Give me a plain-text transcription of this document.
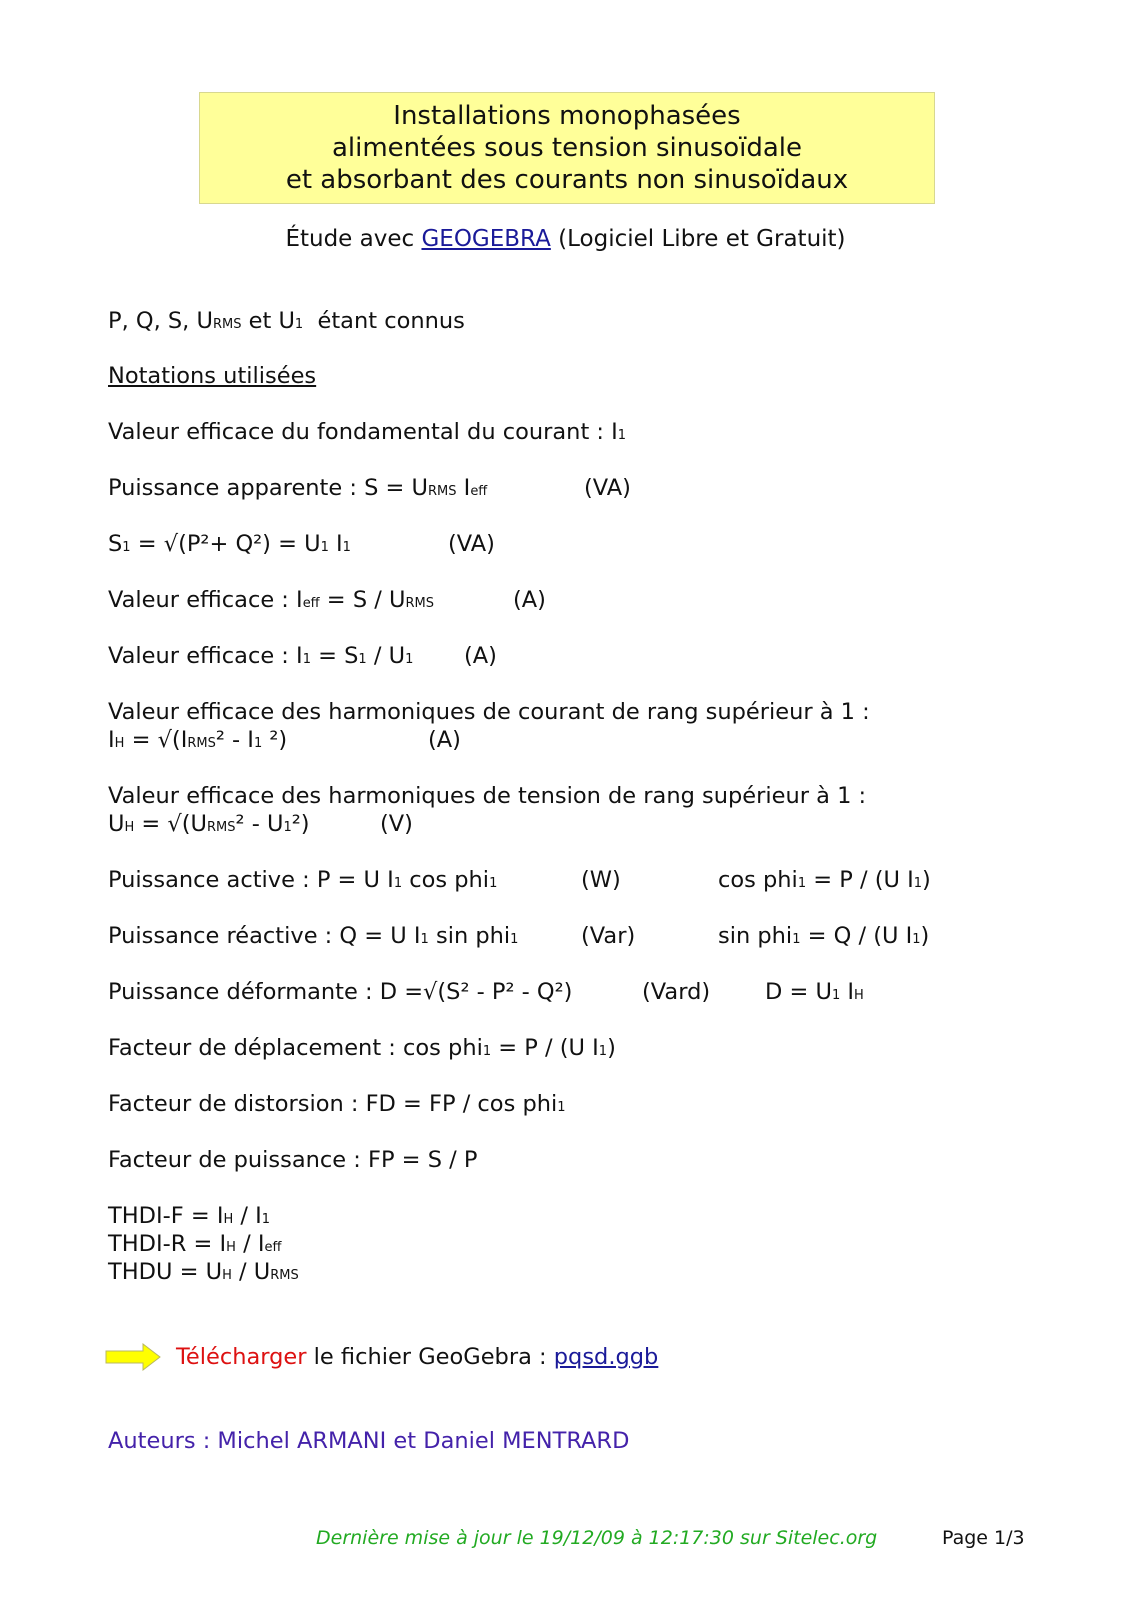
Installations monophasées
alimentées sous tension sinusoïdale
et absorbant des courants non sinusoïdaux
Étude avec GEOGEBRA (Logiciel Libre et Gratuit)
P, Q, S, URMS et U1 étant connus
Notations utilisées
Valeur efficace du fondamental du courant : I1
Puissance apparente : S = URMS Ieff	(VA)
S1 = √(P²+ Q²) = U1 I1	(VA)
Valeur efficace : Ieff = S / URMS	(A)
Valeur efficace : I1 = S1 / U1 (A)
Valeur efficace des harmoniques de courant de rang supérieur à 1 :
IH = √(IRMS² - I1 ²)	(A)
Valeur efficace des harmoniques de tension de rang supérieur à 1 :
UH = √(URMS² - U1²)	(V)
Puissance active : P = U I1 cos phi1	(W)	cos phi1 = P / (U I1)
Puissance réactive : Q = U I1 sin phi1	(Var)	sin phi1 = Q / (U I1)
Puissance déformante : D =√(S² - P² - Q²)	(Vard) D = U1 IH
Facteur de déplacement : cos phi1 = P / (U I1)
Facteur de distorsion : FD = FP / cos phi1
Facteur de puissance : FP = S / P
THDI-F = IH / I1
THDI-R = IH / Ieff
THDU = UH / URMS
Télécharger le fichier GeoGebra : pqsd.ggb
Auteurs : Michel ARMANI et Daniel MENTRARD
Dernière mise à jour le 19/12/09 à 12:17:30 sur Sitelec.org	Page 1/3
